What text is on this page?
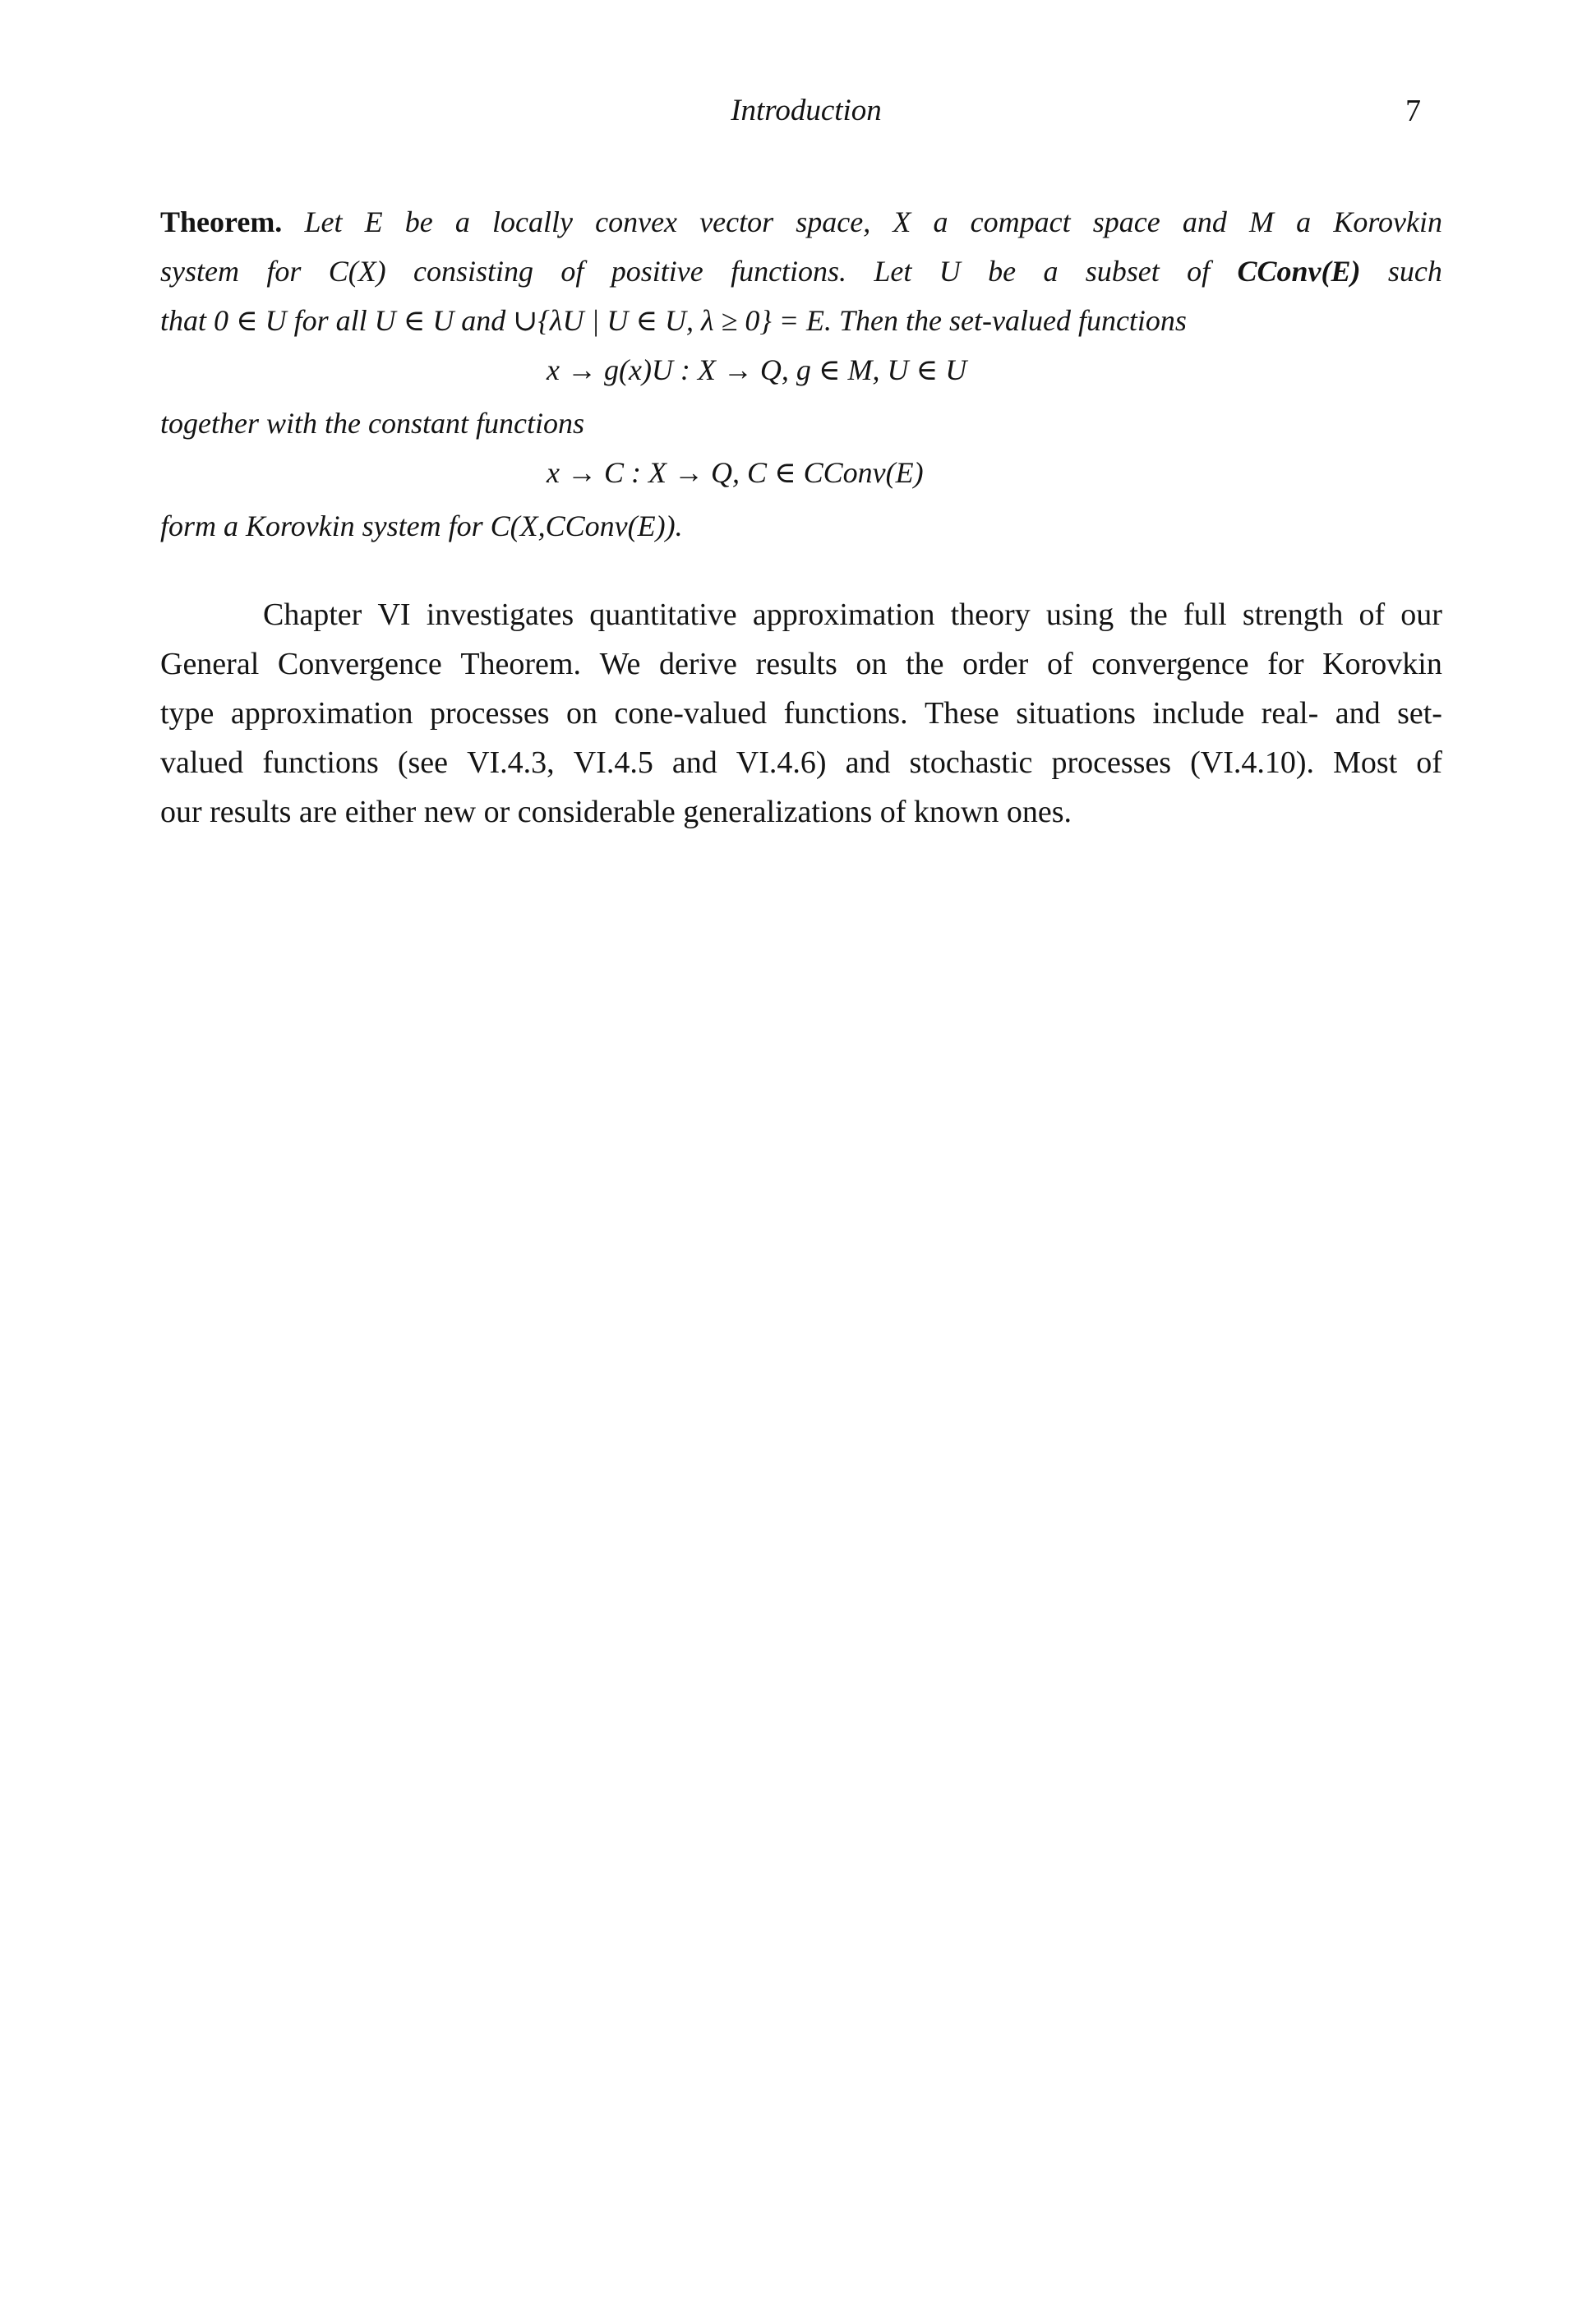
Introduction	7
Theorem. Let E be a locally convex vector space, X a compact space and M a Korovkin
system for C(X) consisting of positive functions. Let U be a subset of CConv(E) such
that 0 ∈ U for all U ∈ U and ∪{λU | U ∈ U, λ ≥ 0} = E. Then the set-valued functions
x → g(x)U : X → Q, g ∈ M, U ∈ U
together with the constant functions
x → C : X → Q, C ∈ CConv(E)
form a Korovkin system for C(X,CConv(E)).
Chapter VI investigates quantitative approximation theory using the full strength of our
General Convergence Theorem. We derive results on the order of convergence for Korovkin
type approximation processes on cone-valued functions. These situations include real- and set-
valued functions (see VI.4.3, VI.4.5 and VI.4.6) and stochastic processes (VI.4.10). Most of
our results are either new or considerable generalizations of known ones.
